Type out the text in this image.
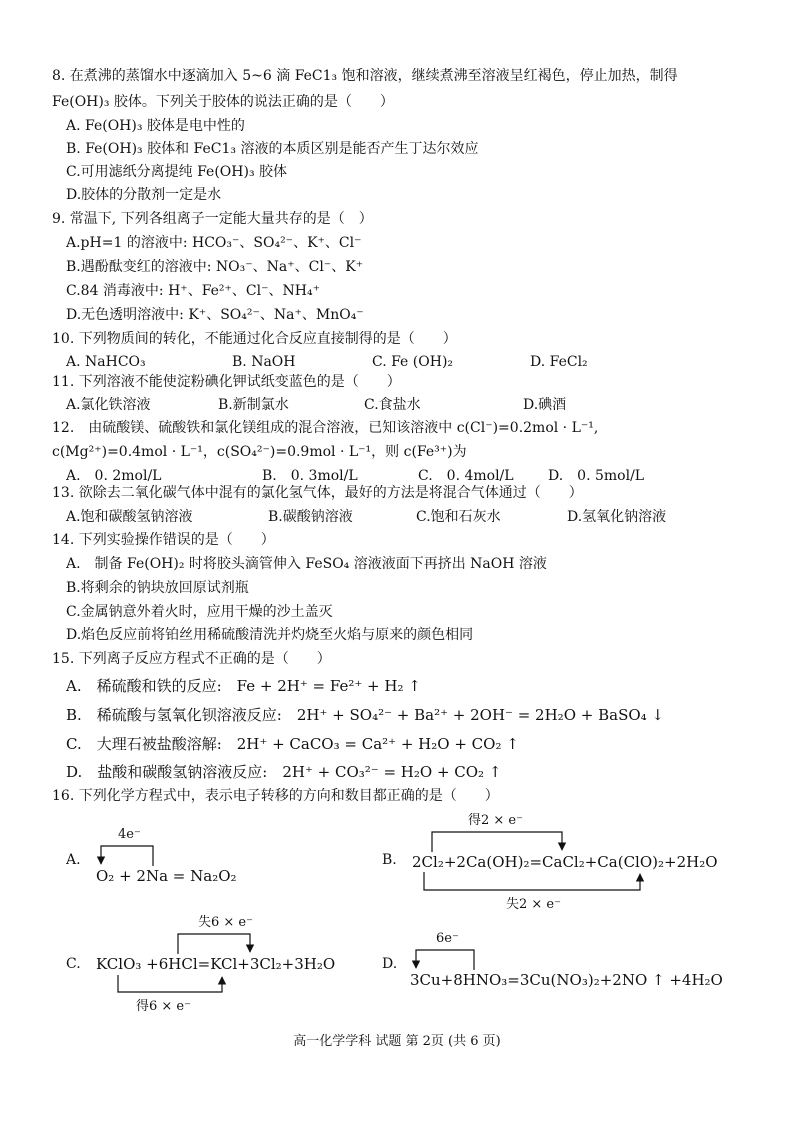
8. 在煮沸的蒸馏水中逐滴加入 5~6 滴 FeC1₃ 饱和溶液，继续煮沸至溶液呈红褐色，停止加热，制得
Fe(OH)₃ 胶体。下列关于胶体的说法正确的是（　　）
A. Fe(OH)₃ 胶体是电中性的
B. Fe(OH)₃ 胶体和 FeC1₃ 溶液的本质区别是能否产生丁达尔效应
C.可用滤纸分离提纯 Fe(OH)₃ 胶体
D.胶体的分散剂一定是水
9. 常温下, 下列各组离子一定能大量共存的是（　）
A.pH=1 的溶液中: HCO₃⁻、SO₄²⁻、K⁺、Cl⁻
B.遇酚酞变红的溶液中: NO₃⁻、Na⁺、Cl⁻、K⁺
C.84 消毒液中: H⁺、Fe²⁺、Cl⁻、NH₄⁺
D.无色透明溶液中: K⁺、SO₄²⁻、Na⁺、MnO₄⁻
10. 下列物质间的转化，不能通过化合反应直接制得的是（　　）
A. NaHCO₃	B. NaOH	C. Fe (OH)₂	D. FeCl₂
11. 下列溶液不能使淀粉碘化钾试纸变蓝色的是（　　）
A.氯化铁溶液	B.新制氯水	C.食盐水	D.碘酒
12.　由硫酸镁、硫酸铁和氯化镁组成的混合溶液，已知该溶液中 c(Cl⁻)=0.2mol · L⁻¹,
c(Mg²⁺)=0.4mol · L⁻¹，c(SO₄²⁻)=0.9mol · L⁻¹，则 c(Fe³⁺)为
A.　0. 2mol/L	B.　0. 3mol/L	C.　0. 4mol/L D.　0. 5mol/L
13. 欲除去二氧化碳气体中混有的氯化氢气体，最好的方法是将混合气体通过（　　）
A.饱和碳酸氢钠溶液	B.碳酸钠溶液	C.饱和石灰水	D.氢氧化钠溶液
14. 下列实验操作错误的是（　　）
A.　制备 Fe(OH)₂ 时将胶头滴管伸入 FeSO₄ 溶液液面下再挤出 NaOH 溶液
B.将剩余的钠块放回原试剂瓶
C.金属钠意外着火时，应用干燥的沙土盖灭
D.焰色反应前将铂丝用稀硫酸清洗并灼烧至火焰与原来的颜色相同
15. 下列离子反应方程式不正确的是（　　）
A.　稀硫酸和铁的反应:　Fe + 2H⁺ = Fe²⁺ + H₂ ↑
B.　稀硫酸与氢氧化钡溶液反应:　2H⁺ + SO₄²⁻ + Ba²⁺ + 2OH⁻ = 2H₂O + BaSO₄ ↓
C.　大理石被盐酸溶解:　2H⁺ + CaCO₃ = Ca²⁺ + H₂O + CO₂ ↑
D.　盐酸和碳酸氢钠溶液反应:　2H⁺ + CO₃²⁻ = H₂O + CO₂ ↑
16. 下列化学方程式中，表示电子转移的方向和数目都正确的是（　　）
A.
O₂ + 2Na = Na₂O₂
B. 2Cl₂+2Ca(OH)₂=CaCl₂+Ca(ClO)₂+2H₂O
C. KClO₃ +6HCl=KCl+3Cl₂+3H₂O	D.
3Cu+8HNO₃=3Cu(NO₃)₂+2NO ↑ +4H₂O
4e⁻
得2 × e⁻
失2 × e⁻
失6 × e⁻
得6 × e⁻
6e⁻
高一化学学科 试题 第 2页 (共 6 页)
